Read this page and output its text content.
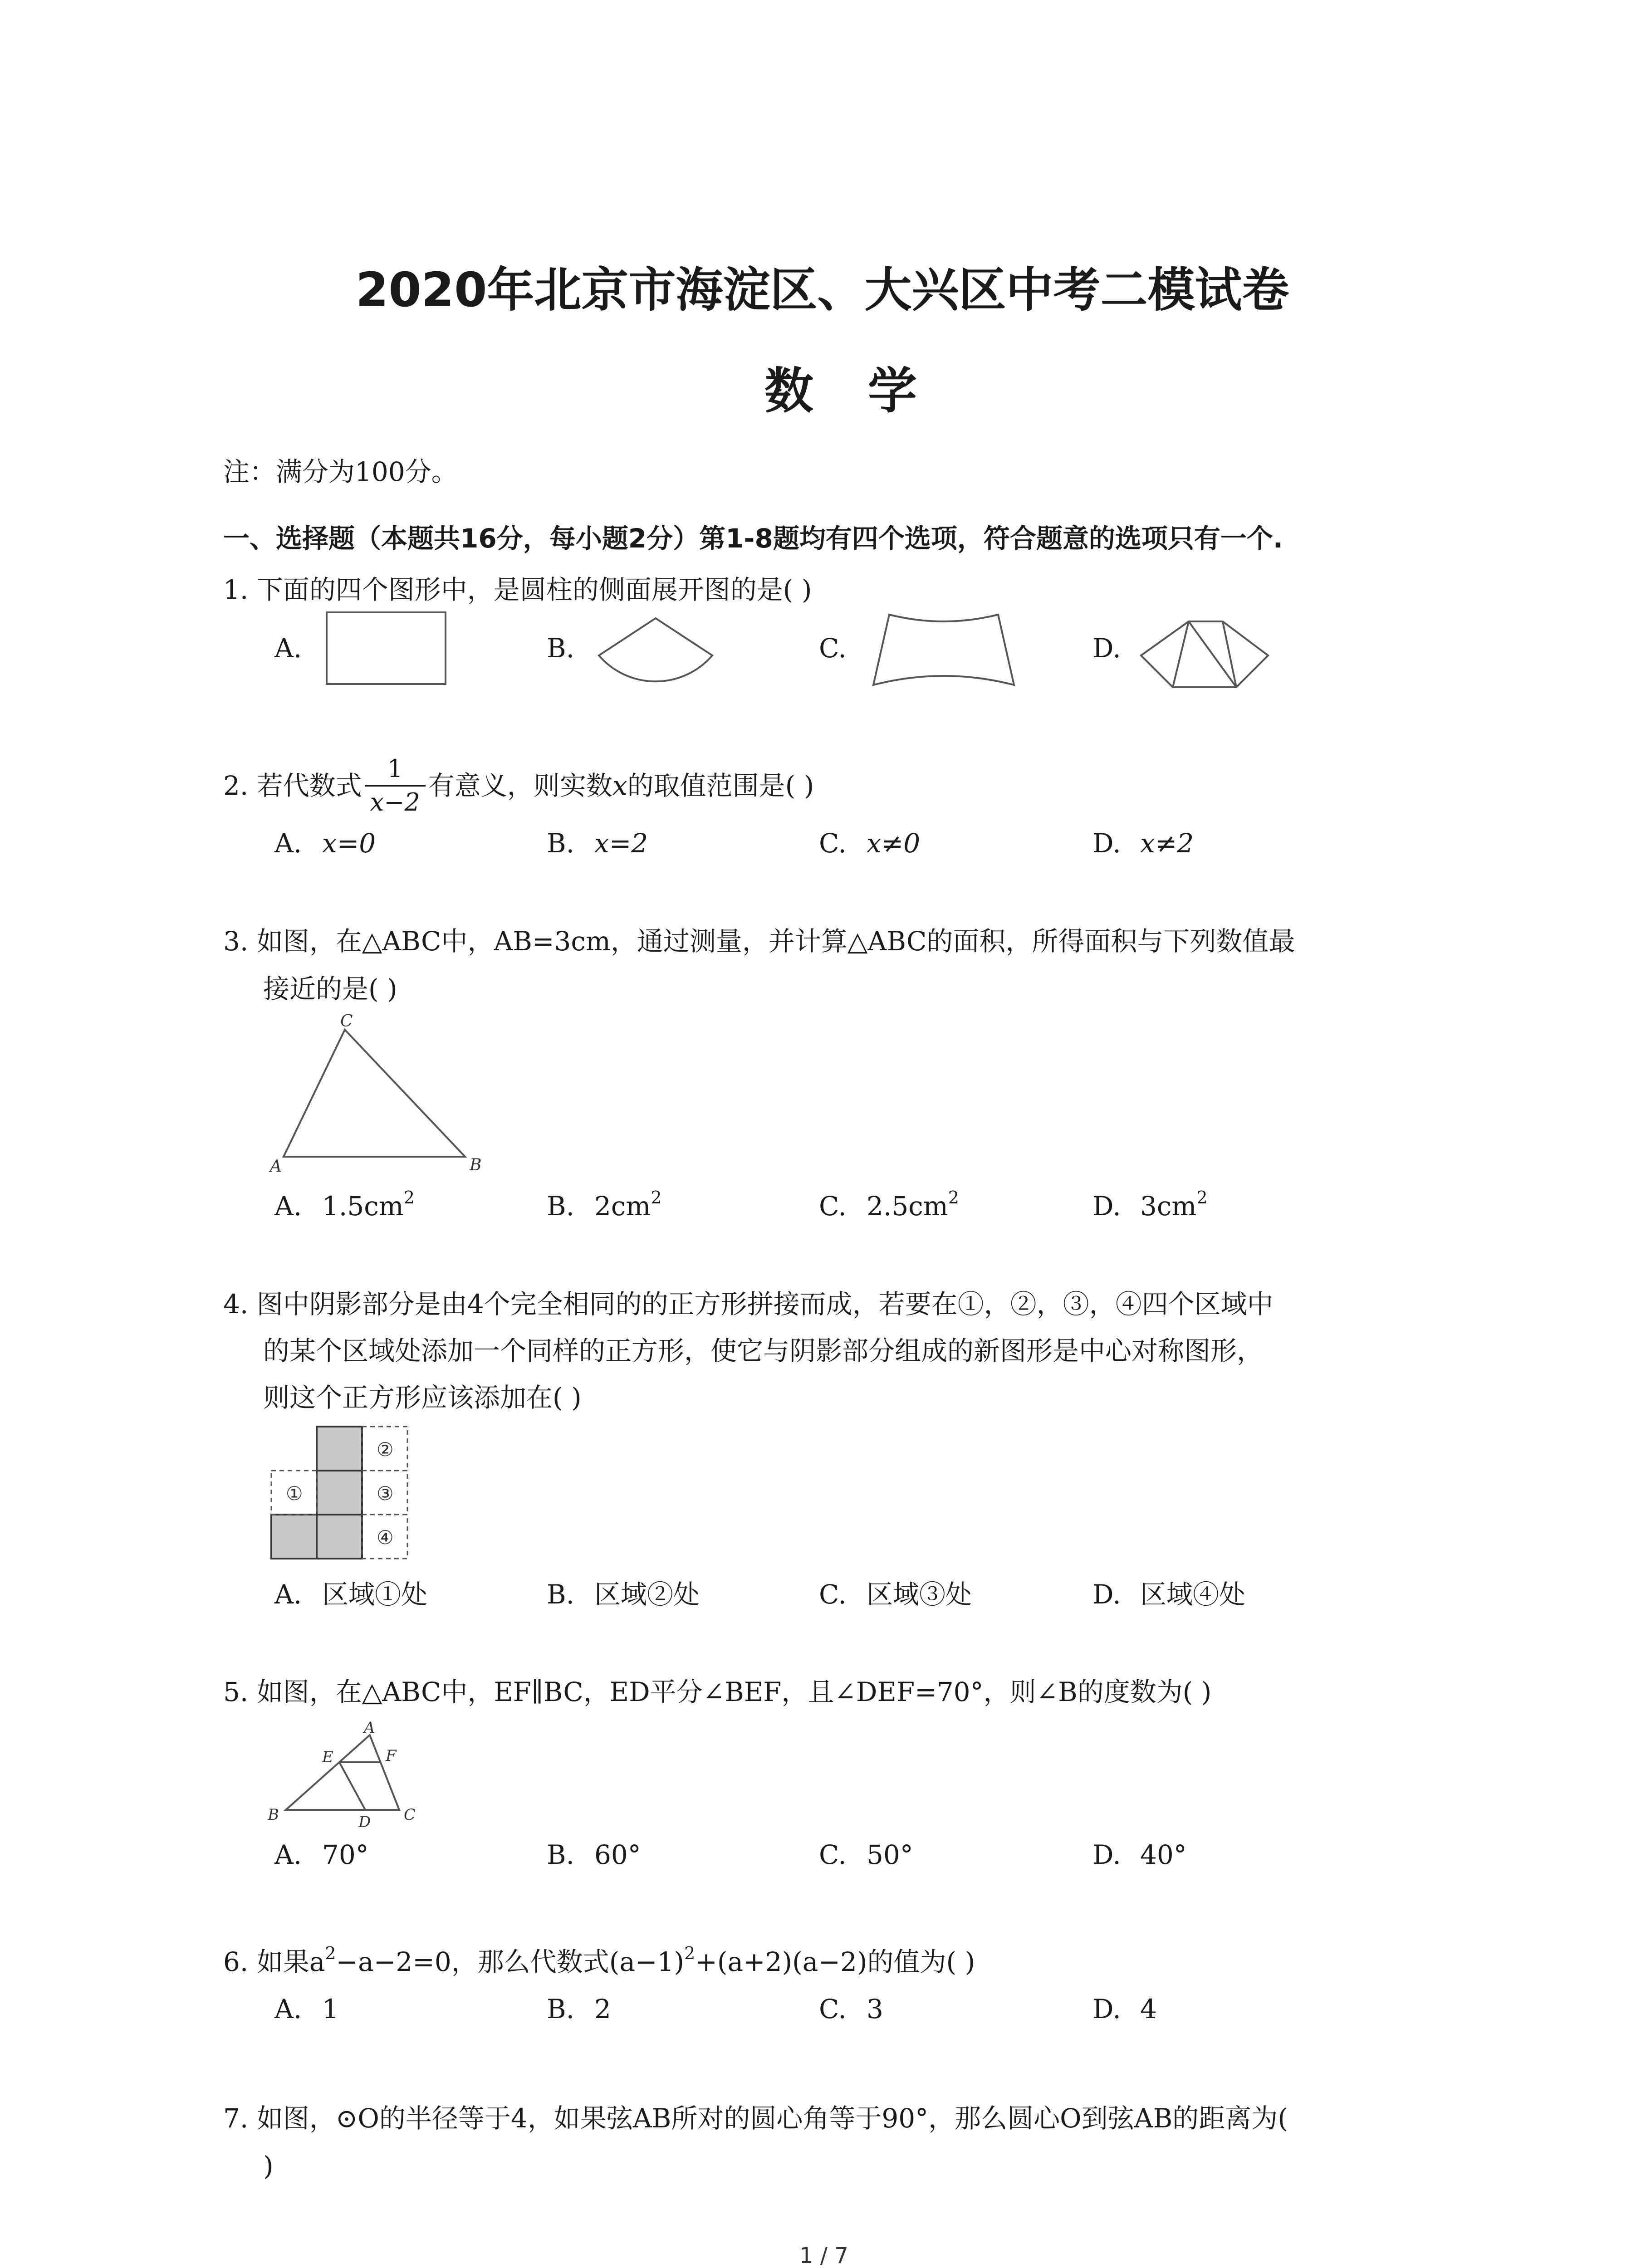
2020年北京市海淀区、大兴区中考二模试卷
数学
注：满分为100分。
一、选择题（本题共16分，每小题2分）第1-8题均有四个选项，符合题意的选项只有一个.
1. 下面的四个图形中，是圆柱的侧面展开图的是( )
A.	B.	C.	D.
2. 若代数式 $\frac{1}{x-2}$ 有意义，则实数 x 的取值范围是( )
A. x=0	B. x=2	C. x≠0	D. x≠2
3. 如图，在△ABC中，AB=3cm，通过测量，并计算△ABC的面积，所得面积与下列数值最
接近的是( )
C
A	B
A. $1.5cm^2$	B. $2cm^2$	C. $2.5cm^2$	D. $3cm^2$
4. 图中阴影部分是由4个完全相同的的正方形拼接而成，若要在①，②，③，④四个区域中
的某个区域处添加一个同样的正方形，使它与阴影部分组成的新图形是中心对称图形，
则这个正方形应该添加在( )
①
②
③
④
A. 区域①处	B. 区域②处	C. 区域③处	D. 区域④处
5. 如图，在△ABC中，EF∥BC，ED平分∠BEF，且∠DEF=70°，则∠B的度数为( )
A
B	C
D
E	F
A. 70°	B. 60°	C. 50°	D. 40°
6. 如果$a^2-a-2=0$，那么代数式$(a-1)^2+(a+2)(a-2)$的值为( )
A. 1	B. 2	C. 3	D. 4
7. 如图，⊙O的半径等于4，如果弦AB所对的圆心角等于90°，那么圆心O到弦AB的距离为(
)
1 / 7
